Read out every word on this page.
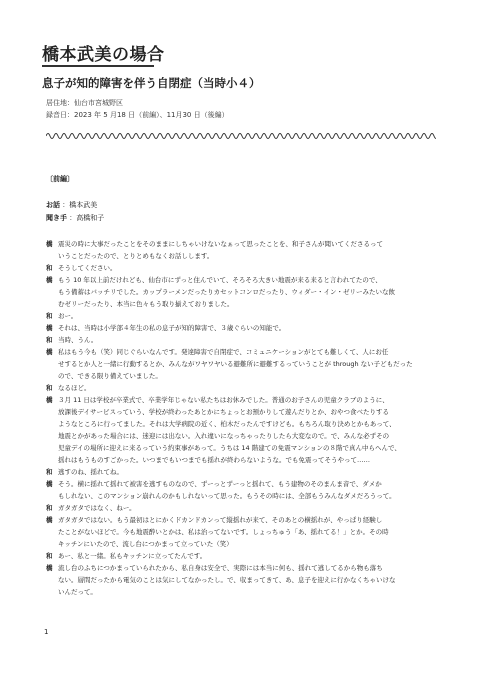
橋本武美の場合
息子が知的障害を伴う自閉症（当時小４）
居住地：仙台市宮城野区
録音日：2023 年 5 月18 日（前編）、11月30 日（後編）
〔前編〕
お話 ：橋本武美
聞き手 ：高橋和子
橋 震災の時に大事だったことをそのままにしちゃいけないなぁって思ったことを、和子さんが聞いてくださるって
いうことだったので、とりとめもなくお話しします。
和 そうしてください。
橋 もう 10 年以上前だけれども、仙台市にずっと住んでいて、そろそろ大きい地震が来る来ると言われてたので、
もう備蓄はバッチリでした。カップラーメンだったりカセットコンロだったり、ウィダー・イン・ゼリーみたいな飲
むゼリーだったり、本当に色々もう取り揃えておりました。
和 おー。
橋 それは、当時は小学部４年生の私の息子が知的障害で、３歳ぐらいの知能で。
和 当時、うん。
橋 私はもう今も（笑）同じぐらいなんです。発達障害で自閉症で、コミュニケーションがとても難しくて、人にお任
せするとか人と一緒に行動するとか、みんながワヤワヤいる避難所に避難するっていうことが through ない子どもだった
ので、できる限り備えていました。
和 なるほど。
橋 ３月 11 日は学校が卒業式で、卒業学年じゃない私たちはお休みでした。普通のお子さんの児童クラブのように、
放課後デイサービスっていう、学校が終わったあとかにちょっとお預かりして遊んだりとか、おやつ食べたりする
ようなところに行ってました。それは大学病院の近く、柏木だったんですけども。もちろん取り決めとかもあって、
地震とかがあった場合には、迷迎には出ない。入れ違いになっちゃったりしたら大変なので。で、みんな必ずその
児童デイの場所に迎えに来るっていう約束事があって。うちは 14 階建ての免震マンションの８階で真ん中らへんで、
揺れはもうものすごかった。いつまでもいつまでも揺れが終わらないような。でも免震ってそうやって……
和 逃すのね、揺れてね。
橋 そう。横に揺れて揺れて被害を逃すものなので、ずーっとずーっと揺れて、もう建物のそのまんま音で、ダメか
もしれない、このマンション崩れんのかもしれないって思った。もうその時には、全部もうみんなダメだろうって。
和 ガタガタではなく、ねー。
橋 ガタガタではない。もう最初はとにかくドカンドカンって縦揺れが来て、そのあとの横揺れが、やっぱり経験し
たことがないほどで。今も地震酔いとかは、私は治ってないです。しょっちゅう「あ、揺れてる！」とか。その時
キッチンにいたので、流し台につかまって立っていた（笑）
和 あー、私と一緒。私もキッチンに立ってたんです。
橋 流し台のふちにつかまっていられたから、私自身は安全で、実際には本当に何も、揺れて逃してるから物も落ち
ない。層間だったから電気のことは気にしてなかったし。で、収まってきて、あ、息子を迎えに行かなくちゃいけな
いんだって。
1
